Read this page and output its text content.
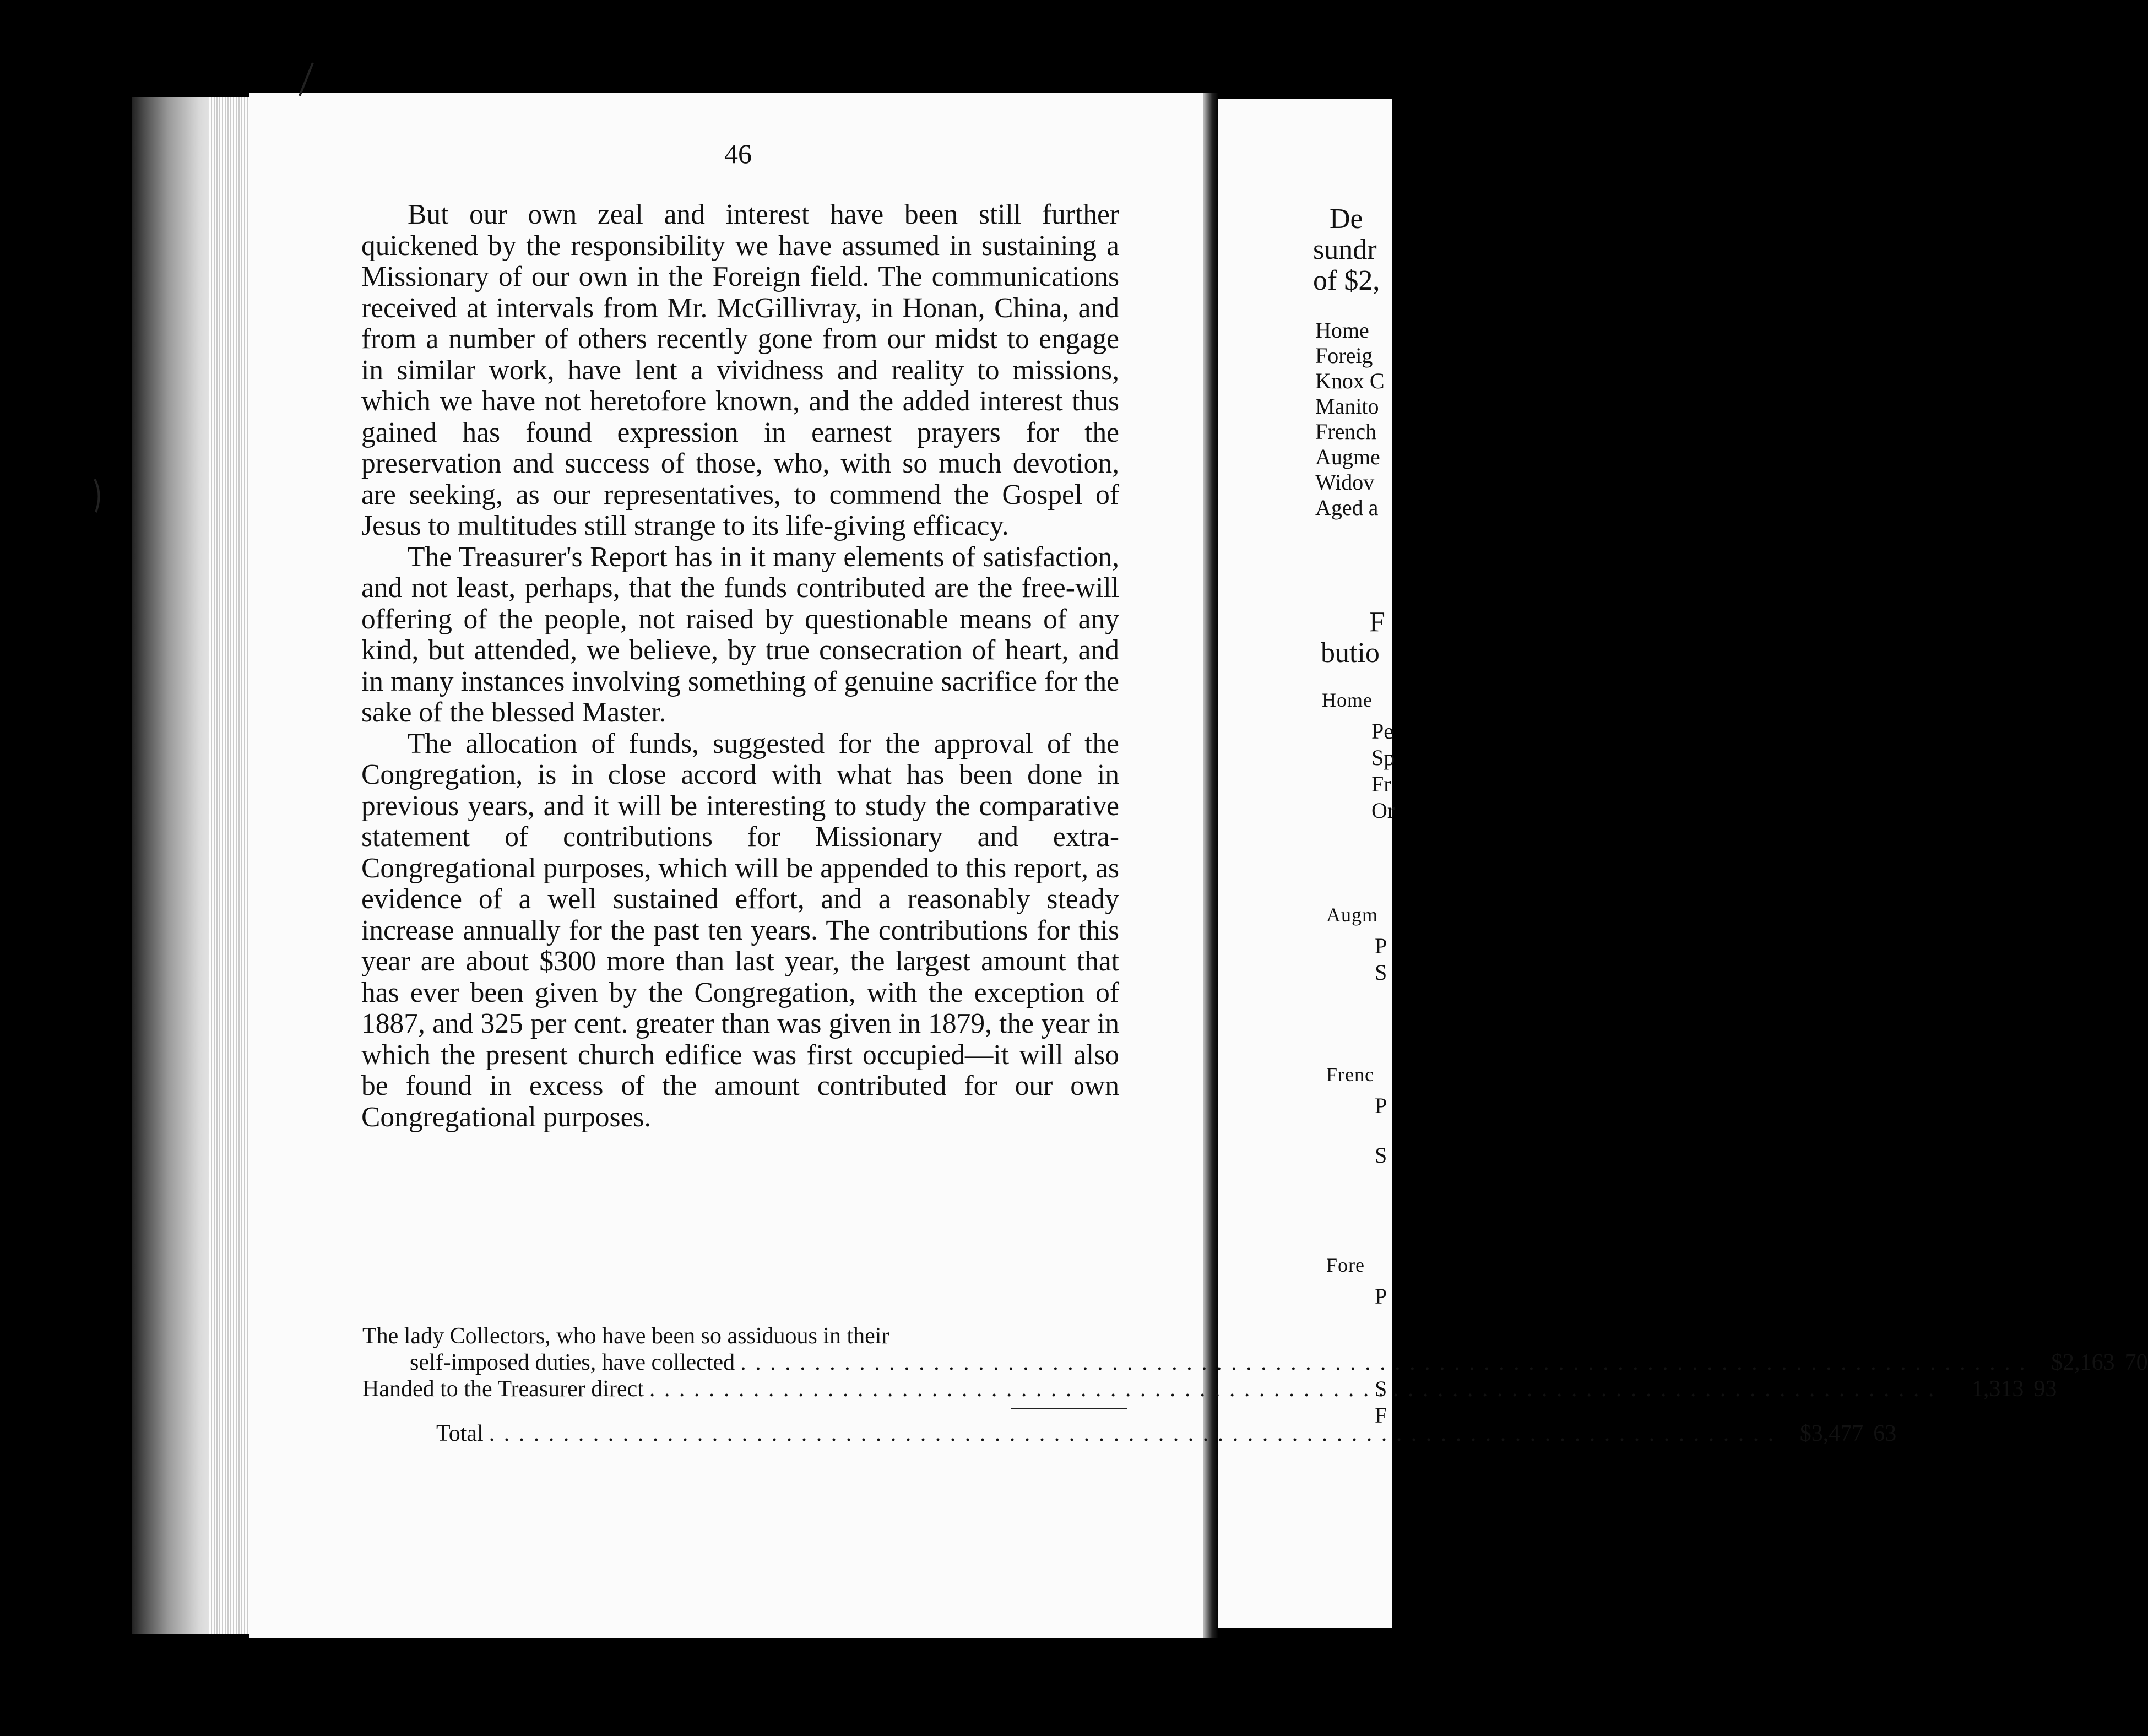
46

But our own zeal and interest have been still further quickened by the responsibility we have assumed in sustaining a Missionary of our own in the Foreign field. The communications received at intervals from Mr. McGillivray, in Honan, China, and from a number of others recently gone from our midst to engage in similar work, have lent a vividness and reality to missions, which we have not heretofore known, and the added interest thus gained has found expression in earnest prayers for the preservation and success of those, who, with so much devotion, are seeking, as our representatives, to commend the Gospel of Jesus to multitudes still strange to its life-giving efficacy.

The Treasurer's Report has in it many elements of satisfaction, and not least, perhaps, that the funds contributed are the free-will offering of the people, not raised by questionable means of any kind, but attended, we believe, by true consecration of heart, and in many instances involving something of genuine sacrifice for the sake of the blessed Master.

The allocation of funds, suggested for the approval of the Congregation, is in close accord with what has been done in previous years, and it will be interesting to study the comparative statement of contributions for Missionary and extra-Congregational purposes, which will be appended to this report, as evidence of a well sustained effort, and a reasonably steady increase annually for the past ten years. The contributions for this year are about $300 more than last year, the largest amount that has ever been given by the Congregation, with the exception of 1887, and 325 per cent. greater than was given in 1879, the year in which the present church edifice was first occupied—it will also be found in excess of the amount contributed for our own Congregational purposes.

The lady Collectors, who have been so assiduous in their
self-imposed duties, have collected . . .	$2,163 70
Handed to the Treasurer direct . . .	1,313 93
Total . . .	$3,477 63
De
sundr
of $2,
Home
Foreig
Knox C
Manito
French
Augme
Widov
Aged a
F
butio
Home
Pe
Sp
Fr
Or
Augm
P
S
Frenc
P
S
Fore
P
S
F
